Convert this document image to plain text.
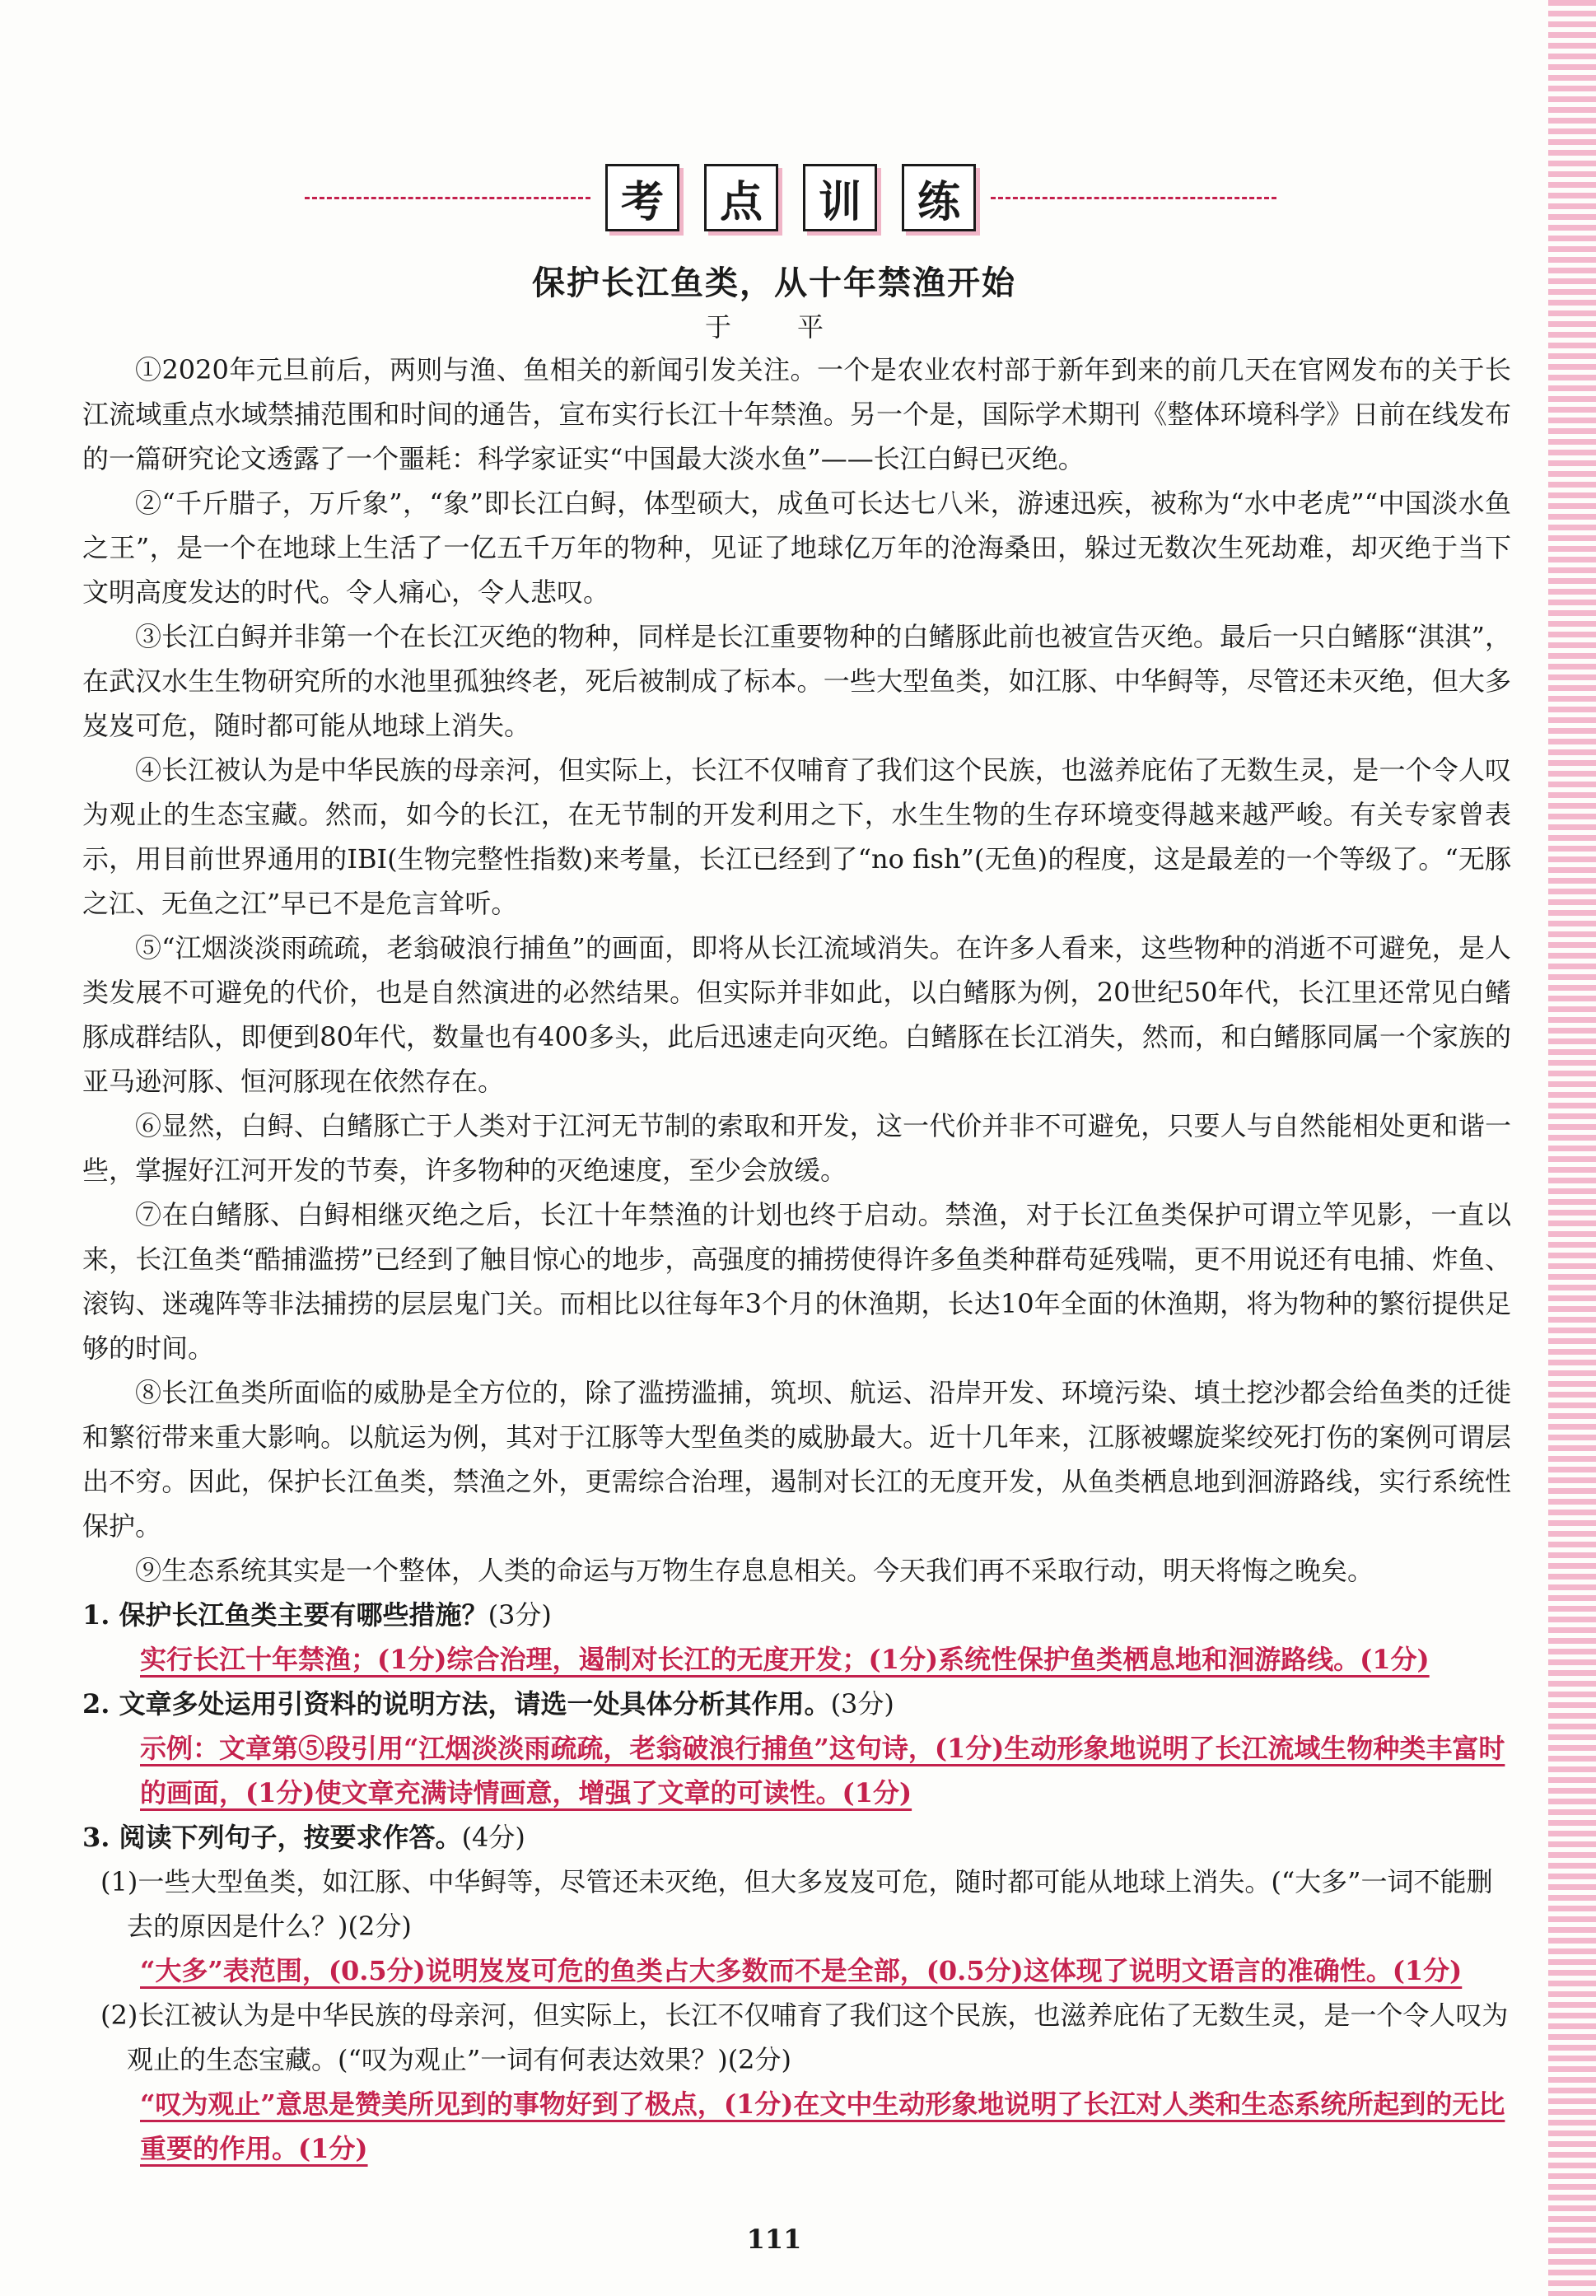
考	点	训	练
保护长江鱼类，从十年禁渔开始
于　平

①2020年元旦前后，两则与渔、鱼相关的新闻引发关注。一个是农业农村部于新年到来的前几天在官网发布的关于长江流域重点水域禁捕范围和时间的通告，宣布实行长江十年禁渔。另一个是，国际学术期刊《整体环境科学》日前在线发布的一篇研究论文透露了一个噩耗：科学家证实“中国最大淡水鱼”——长江白鲟已灭绝。

②“千斤腊子，万斤象”，“象”即长江白鲟，体型硕大，成鱼可长达七八米，游速迅疾，被称为“水中老虎”“中国淡水鱼之王”，是一个在地球上生活了一亿五千万年的物种，见证了地球亿万年的沧海桑田，躲过无数次生死劫难，却灭绝于当下文明高度发达的时代。令人痛心，令人悲叹。

③长江白鲟并非第一个在长江灭绝的物种，同样是长江重要物种的白鳍豚此前也被宣告灭绝。最后一只白鳍豚“淇淇”，在武汉水生生物研究所的水池里孤独终老，死后被制成了标本。一些大型鱼类，如江豚、中华鲟等，尽管还未灭绝，但大多岌岌可危，随时都可能从地球上消失。

④长江被认为是中华民族的母亲河，但实际上，长江不仅哺育了我们这个民族，也滋养庇佑了无数生灵，是一个令人叹为观止的生态宝藏。然而，如今的长江，在无节制的开发利用之下，水生生物的生存环境变得越来越严峻。有关专家曾表示，用目前世界通用的IBI(生物完整性指数)来考量，长江已经到了“no fish”(无鱼)的程度，这是最差的一个等级了。“无豚之江、无鱼之江”早已不是危言耸听。

⑤“江烟淡淡雨疏疏，老翁破浪行捕鱼”的画面，即将从长江流域消失。在许多人看来，这些物种的消逝不可避免，是人类发展不可避免的代价，也是自然演进的必然结果。但实际并非如此，以白鳍豚为例，20世纪50年代，长江里还常见白鳍豚成群结队，即便到80年代，数量也有400多头，此后迅速走向灭绝。白鳍豚在长江消失，然而，和白鳍豚同属一个家族的亚马逊河豚、恒河豚现在依然存在。

⑥显然，白鲟、白鳍豚亡于人类对于江河无节制的索取和开发，这一代价并非不可避免，只要人与自然能相处更和谐一些，掌握好江河开发的节奏，许多物种的灭绝速度，至少会放缓。

⑦在白鳍豚、白鲟相继灭绝之后，长江十年禁渔的计划也终于启动。禁渔，对于长江鱼类保护可谓立竿见影，一直以来，长江鱼类“酷捕滥捞”已经到了触目惊心的地步，高强度的捕捞使得许多鱼类种群苟延残喘，更不用说还有电捕、炸鱼、滚钩、迷魂阵等非法捕捞的层层鬼门关。而相比以往每年3个月的休渔期，长达10年全面的休渔期，将为物种的繁衍提供足够的时间。

⑧长江鱼类所面临的威胁是全方位的，除了滥捞滥捕，筑坝、航运、沿岸开发、环境污染、填土挖沙都会给鱼类的迁徙和繁衍带来重大影响。以航运为例，其对于江豚等大型鱼类的威胁最大。近十几年来，江豚被螺旋桨绞死打伤的案例可谓层出不穷。因此，保护长江鱼类，禁渔之外，更需综合治理，遏制对长江的无度开发，从鱼类栖息地到洄游路线，实行系统性保护。

⑨生态系统其实是一个整体，人类的命运与万物生存息息相关。今天我们再不采取行动，明天将悔之晚矣。

1. 保护长江鱼类主要有哪些措施？(3分)
实行长江十年禁渔；(1分)综合治理，遏制对长江的无度开发；(1分)系统性保护鱼类栖息地和洄游路线。(1分)
2. 文章多处运用引资料的说明方法，请选一处具体分析其作用。(3分)
示例：文章第⑤段引用“江烟淡淡雨疏疏，老翁破浪行捕鱼”这句诗，(1分)生动形象地说明了长江流域生物种类丰富时的画面，(1分)使文章充满诗情画意，增强了文章的可读性。(1分)
3. 阅读下列句子，按要求作答。(4分)
(1)一些大型鱼类，如江豚、中华鲟等，尽管还未灭绝，但大多岌岌可危，随时都可能从地球上消失。(“大多”一词不能删去的原因是什么？)(2分)
“大多”表范围，(0.5分)说明岌岌可危的鱼类占大多数而不是全部，(0.5分)这体现了说明文语言的准确性。(1分)
(2)长江被认为是中华民族的母亲河，但实际上，长江不仅哺育了我们这个民族，也滋养庇佑了无数生灵，是一个令人叹为观止的生态宝藏。(“叹为观止”一词有何表达效果？)(2分)
“叹为观止”意思是赞美所见到的事物好到了极点，(1分)在文中生动形象地说明了长江对人类和生态系统所起到的无比重要的作用。(1分)
111
